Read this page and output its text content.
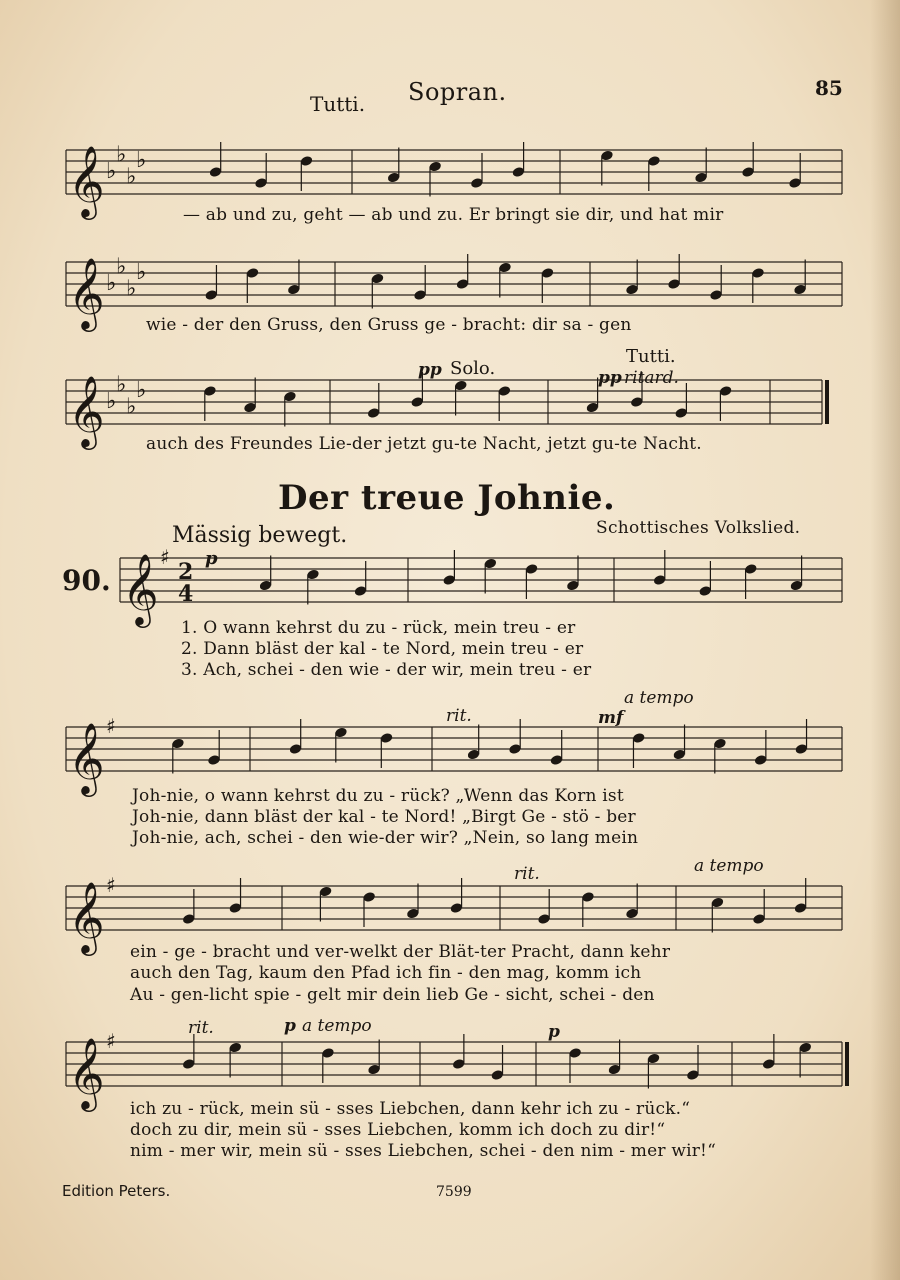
𝄞 ♭
♭
♭
♭
𝄞 ♭
♭
♭
♭
𝄞 ♭
♭
♭
♭
𝄞 ♯
2
4
𝄞 ♯
𝄞 ♯
𝄞 ♯
Sopran.	85
Tutti.
pp Solo.
Tutti.
pp ritard.
— ab und zu, geht — ab und zu. Er bringt sie dir, und hat mir
wie - der den Gruss, den Gruss ge - bracht: dir sa - gen
auch des Freundes Lie-der jetzt gu-te Nacht, jetzt gu-te Nacht.
Der treue Johnie.
Mässig bewegt.	Schottisches Volkslied.
90.
p
rit.	mf
a tempo
rit.	a tempo
rit.	p a tempo	p
1. O wann kehrst du zu - rück, mein treu - er
2. Dann bläst der kal - te Nord, mein treu - er
3. Ach, schei - den wie - der wir, mein treu - er
Joh-nie, o wann kehrst du zu - rück? „Wenn das Korn ist
Joh-nie, dann bläst der kal - te Nord! „Birgt Ge - stö - ber
Joh-nie, ach, schei - den wie-der wir? „Nein, so lang mein
ein - ge - bracht und ver-welkt der Blät-ter Pracht, dann kehr
auch den Tag, kaum den Pfad ich fin - den mag, komm ich
Au - gen-licht spie - gelt mir dein lieb Ge - sicht, schei - den
ich zu - rück, mein sü - sses Liebchen, dann kehr ich zu - rück.“
doch zu dir, mein sü - sses Liebchen, komm ich doch zu dir!“
nim - mer wir, mein sü - sses Liebchen, schei - den nim - mer wir!“
Edition Peters.	7599
